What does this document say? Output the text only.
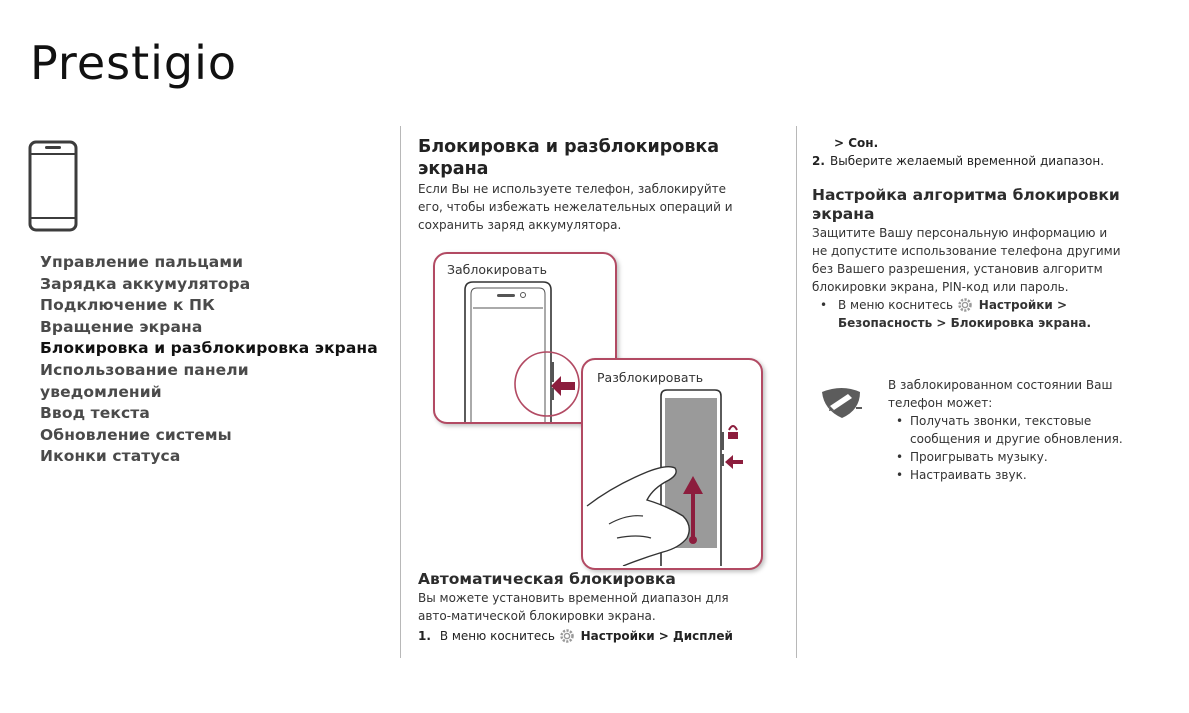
Prestigio
Управление пальцами
Зарядка аккумулятора
Подключение к ПК
Вращение экрана
Блокировка и разблокировка экрана
Использование панели
уведомлений
Ввод текста
Обновление системы
Иконки статуса
Блокировка и разблокировка
экрана

Если Вы не используете телефон, заблокируйте

его, чтобы избежать нежелательных операций и

сохранить заряд аккумулятора.

Заблокировать
Разблокировать
Автоматическая блокировка

Вы можете установить временной диапазон для

авто-матической блокировки экрана.

1. В меню коснитесь Настройки > Дисплей
> Сон.
2. Выберите желаемый временной диапазон.
Настройка алгоритма блокировки
экрана

Защитите Вашу персональную информацию и

не допустите использование телефона другими

без Вашего разрешения, установив алгоритм

блокировки экрана, PIN-код или пароль.

• В меню коснитесь Настройки >
Безопасность > Блокировка экрана.

В заблокированном состоянии Ваш

телефон может:

• Получать звонки, текстовые
сообщения и другие обновления.
• Проигрывать музыку.
• Настраивать звук.
